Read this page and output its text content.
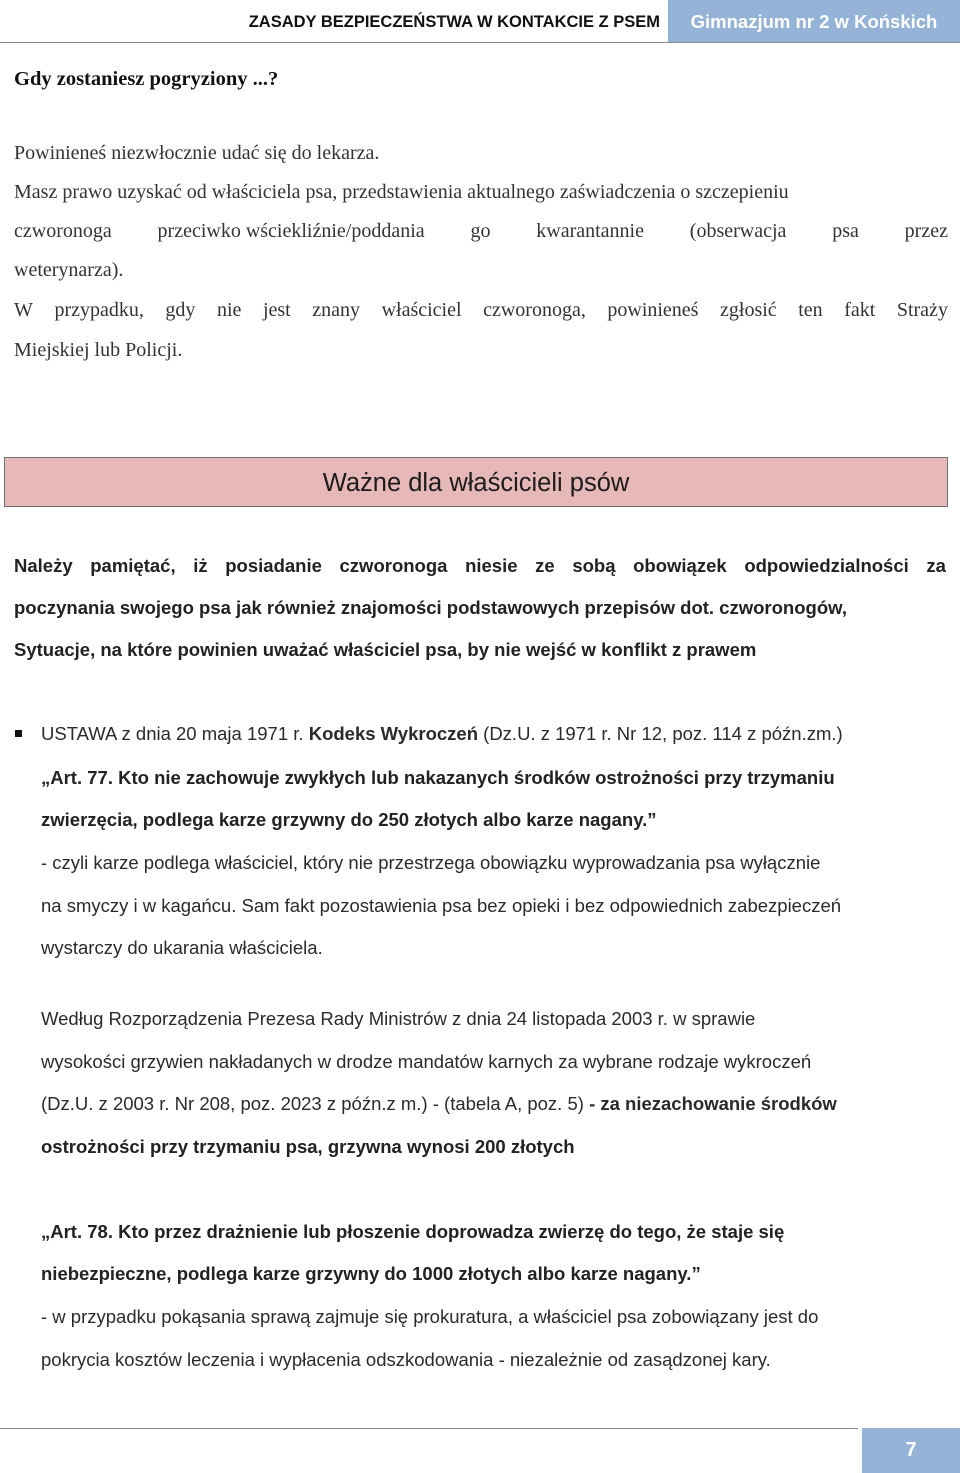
ZASADY BEZPIECZEŃSTWA W KONTAKCIE Z PSEM	Gimnazjum nr 2 w Końskich
Gdy zostaniesz pogryziony ...?
Powinieneś niezwłocznie udać się do lekarza.
Masz prawo uzyskać od właściciela psa, przedstawienia aktualnego zaświadczenia o szczepieniu
czworonoga przeciwko wściekliźnie/poddania go kwarantannie (obserwacja psa przez
weterynarza).
W przypadku, gdy nie jest znany właściciel czworonoga, powinieneś zgłosić ten fakt Straży
Miejskiej lub Policji.
Ważne dla właścicieli psów
Należy pamiętać, iż posiadanie czworonoga niesie ze sobą obowiązek odpowiedzialności za
poczynania swojego psa jak również znajomości podstawowych przepisów dot. czworonogów,
Sytuacje, na które powinien uważać właściciel psa, by nie wejść w konflikt z prawem
USTAWA z dnia 20 maja 1971 r. Kodeks Wykroczeń (Dz.U. z 1971 r. Nr 12, poz. 114 z późn.zm.)
„Art. 77. Kto nie zachowuje zwykłych lub nakazanych środków ostrożności przy trzymaniu
zwierzęcia, podlega karze grzywny do 250 złotych albo karze nagany.”
- czyli karze podlega właściciel, który nie przestrzega obowiązku wyprowadzania psa wyłącznie
na smyczy i w kagańcu. Sam fakt pozostawienia psa bez opieki i bez odpowiednich zabezpieczeń
wystarczy do ukarania właściciela.
Według Rozporządzenia Prezesa Rady Ministrów z dnia 24 listopada 2003 r. w sprawie
wysokości grzywien nakładanych w drodze mandatów karnych za wybrane rodzaje wykroczeń
(Dz.U. z 2003 r. Nr 208, poz. 2023 z późn.z m.) - (tabela A, poz. 5) - za niezachowanie środków
ostrożności przy trzymaniu psa, grzywna wynosi 200 złotych
„Art. 78. Kto przez drażnienie lub płoszenie doprowadza zwierzę do tego, że staje się
niebezpieczne, podlega karze grzywny do 1000 złotych albo karze nagany.”
- w przypadku pokąsania sprawą zajmuje się prokuratura, a właściciel psa zobowiązany jest do
pokrycia kosztów leczenia i wypłacenia odszkodowania - niezależnie od zasądzonej kary.
7
